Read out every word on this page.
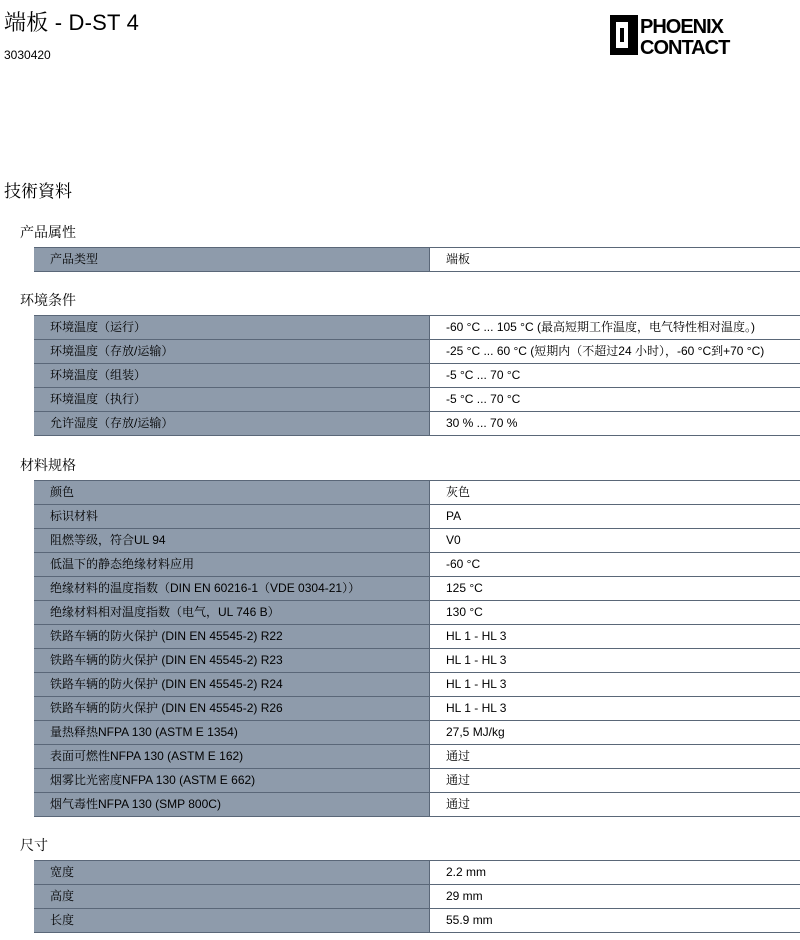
端板 - D-ST 4
3030420
PHOENIX
CONTACT
技術資料
产品属性
产品类型	端板
环境条件
环境温度（运行）	-60 °C ... 105 °C (最高短期工作温度，电气特性相对温度。)
环境温度（存放/运输）	-25 °C ... 60 °C (短期内（不超过24 小时），-60 °C到+70 °C)
环境温度（组装）	-5 °C ... 70 °C
环境温度（执行）	-5 °C ... 70 °C
允许湿度（存放/运输）	30 % ... 70 %
材料规格
颜色	灰色
标识材料	PA
阻燃等级，符合UL 94	V0
低温下的静态绝缘材料应用	-60 °C
绝缘材料的温度指数（DIN EN 60216-1（VDE 0304-21））	125 °C
绝缘材料相对温度指数（电气，UL 746 B）	130 °C
铁路车辆的防火保护 (DIN EN 45545-2) R22	HL 1 - HL 3
铁路车辆的防火保护 (DIN EN 45545-2) R23	HL 1 - HL 3
铁路车辆的防火保护 (DIN EN 45545-2) R24	HL 1 - HL 3
铁路车辆的防火保护 (DIN EN 45545-2) R26	HL 1 - HL 3
量热释热NFPA 130 (ASTM E 1354)	27,5 MJ/kg
表面可燃性NFPA 130 (ASTM E 162)	通过
烟雾比光密度NFPA 130 (ASTM E 662)	通过
烟气毒性NFPA 130 (SMP 800C)	通过
尺寸
宽度	2.2 mm
高度	29 mm
长度	55.9 mm
